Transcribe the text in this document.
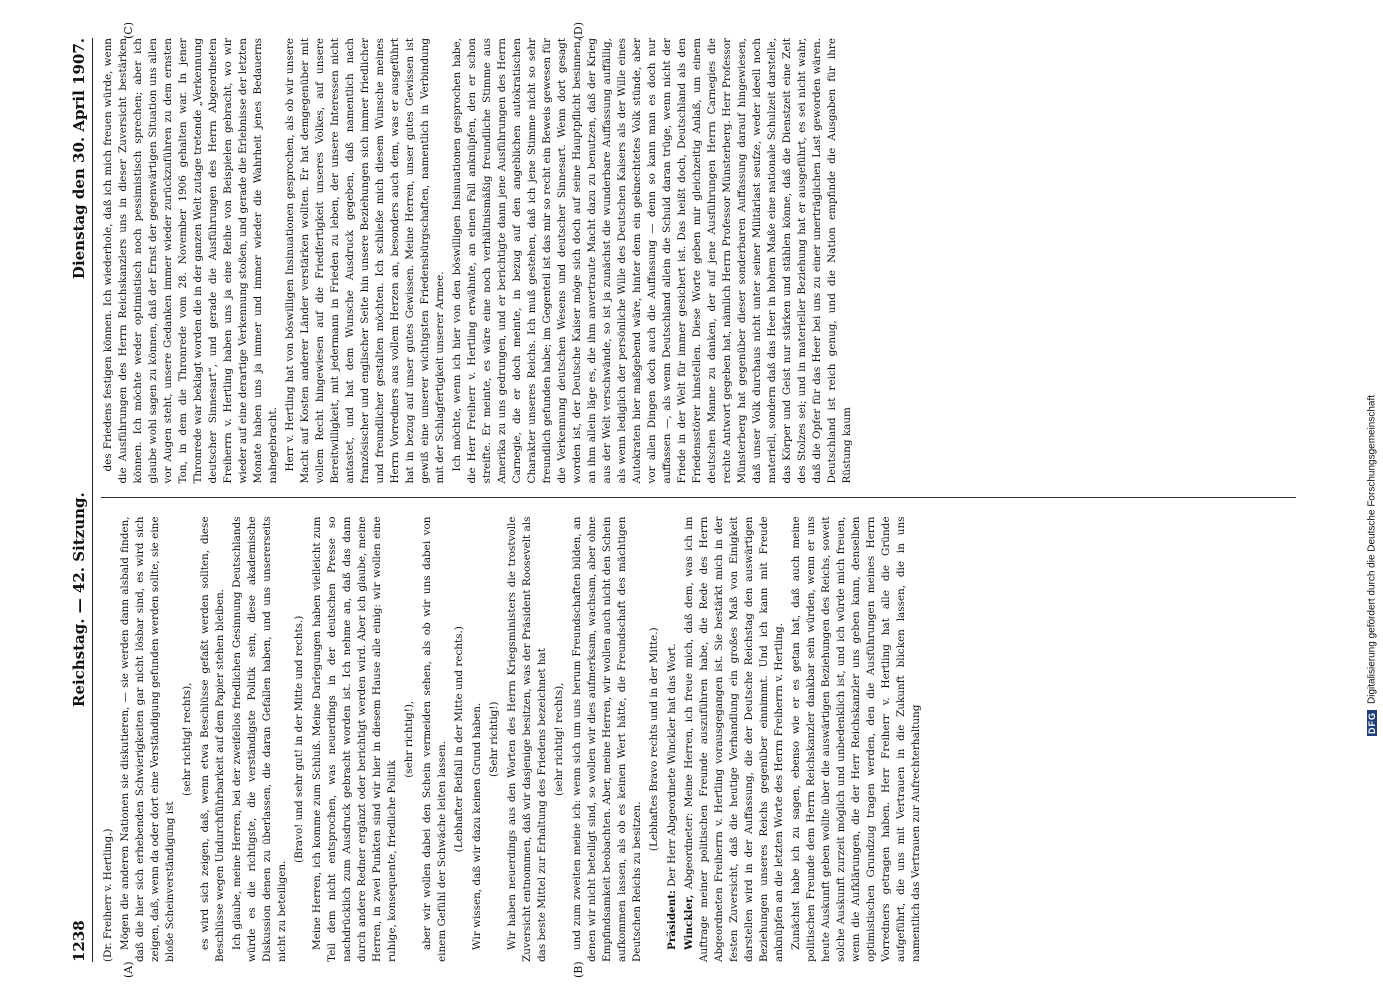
1238
Reichstag. — 42. Sitzung.
Dienstag den 30. April 1907.
(A)	(B)

(Dr. Freiherr v. Hertling.) Mögen die anderen Nationen sie diskutieren, — sie werden dann alsbald finden, daß die hier sich erhebenden Schwierigkeiten gar nicht lösbar sind, es wird sich zeigen, daß, wenn da oder dort eine Verständigung gefunden werden sollte, sie eine bloße Scheinverständigung ist

(sehr richtig! rechts), es wird sich zeigen, daß, wenn etwa Beschlüsse gefaßt werden sollten, diese Beschlüsse wegen Undurchführbarkeit auf dem Papier stehen bleiben. Ich glaube, meine Herren, bei der zweifellos friedlichen Gesinnung Deutschlands würde es die richtigste, die verständigste Politik sein, diese akademische Diskussion denen zu überlassen, die daran Gefallen haben, und uns unsererseits nicht zu beteiligen.

(Bravo! und sehr gut! in der Mitte und rechts.) Meine Herren, ich komme zum Schluß. Meine Darlegungen haben vielleicht zum Teil dem nicht entsprochen, was neuerdings in der deutschen Presse so nachdrücklich zum Ausdruck gebracht worden ist. Ich nehme an, daß das dann durch andere Redner ergänzt oder berichtigt werden wird. Aber ich glaube, meine Herren, in zwei Punkten sind wir hier in diesem Hause alle einig: wir wollen eine ruhige, konsequente, friedliche Politik

(sehr richtig!), aber wir wollen dabei den Schein vermeiden sehen, als ob wir uns dabei von einem Gefühl der Schwäche leiten lassen. (Lebhafter Beifall in der Mitte und rechts.) Wir wissen, daß wir dazu keinen Grund haben. (Sehr richtig!) Wir haben neuerdings aus den Worten des Herrn Kriegsministers die trostvolle Zuversicht entnommen, daß wir dasjenige besitzen, was der Präsident Roosevelt als das beste Mittel zur Erhaltung des Friedens bezeichnet hat (sehr richtig! rechts), und zum zweiten meine ich: wenn sich um uns herum Freundschaften bilden, an denen wir nicht beteiligt sind, so wollen wir dies aufmerksam, wachsam, aber ohne Empfindsamkeit beobachten. Aber, meine Herren, wir wollen auch nicht den Schein aufkommen lassen, als ob es keinen Wert hätte, die Freundschaft des mächtigen Deutschen Reichs zu besitzen.

(Lebhaftes Bravo rechts und in der Mitte.)

Präsident: Der Herr Abgeordnete Winckler hat das Wort.

Winckler, Abgeordneter: Meine Herren, ich freue mich, daß dem, was ich im Auftrage meiner politischen Freunde auszuführen habe, die Rede des Herrn Abgeordneten Freiherrn v. Hertling vorausgegangen ist. Sie bestärkt mich in der festen Zuversicht, daß die heutige Verhandlung ein großes Maß von Einigkeit darstellen wird in der Auffassung, die der Deutsche Reichstag den auswärtigen Beziehungen unseres Reichs gegenüber einnimmt. Und ich kann mit Freude anknüpfen an die letzten Worte des Herrn Freiherrn v. Hertling. Zunächst habe ich zu sagen, ebenso wie er es getan hat, daß auch meine politischen Freunde dem Herrn Reichskanzler dankbar sein würden, wenn er uns heute Auskunft geben wollte über die auswärtigen Beziehungen des Reichs, soweit solche Auskunft zurzeit möglich und unbedenklich ist, und ich würde mich freuen, wenn die Aufklärungen, die der Herr Reichskanzler uns geben kann, denselben optimistischen Grundzug tragen werden, den die Ausführungen meines Herrn Vorredners getragen haben. Herr Freiherr v. Hertling hat alle die Gründe aufgeführt, die uns mit Vertrauen in die Zukunft blicken lassen, die in uns namentlich das Vertrauen zur Aufrechterhaltung

(C)	(D)

des Friedens festigen können. Ich wiederhole, daß ich mich freuen würde, wenn die Ausführungen des Herrn Reichskanzlers uns in dieser Zuversicht bestärken können. Ich möchte weder optimistisch noch pessimistisch sprechen; aber ich glaube wohl sagen zu können, daß der Ernst der gegenwärtigen Situation uns allen vor Augen steht, unsere Gedanken immer wieder zurückzuführen zu dem ernsten Ton, in dem die Thronrede vom 28. November 1906 gehalten war. In jener Thronrede war beklagt worden die in der ganzen Welt zutage tretende „Verkennung deutscher Sinnesart“, und gerade die Ausführungen des Herrn Abgeordneten Freiherrn v. Hertling haben uns ja eine Reihe von Beispielen gebracht, wo wir wieder auf eine derartige Verkennung stoßen, und gerade die Erlebnisse der letzten Monate haben uns ja immer und immer wieder die Wahrheit jenes Bedauerns nahegebracht. Herr v. Hertling hat von böswilligen Insinuationen gesprochen, als ob wir unsere Macht auf Kosten anderer Länder verstärken wollten. Er hat demgegenüber mit vollem Recht hingewiesen auf die Friedfertigkeit unseres Volkes, auf unsere Bereitwilligkeit, mit jedermann in Frieden zu leben, der unsere Interessen nicht antastet, und hat dem Wunsche Ausdruck gegeben, daß namentlich nach französischer und englischer Seite hin unsere Beziehungen sich immer friedlicher und freundlicher gestalten möchten. Ich schließe mich diesem Wunsche meines Herrn Vorredners aus vollem Herzen an, besonders auch dem, was er ausgeführt hat in bezug auf unser gutes Gewissen. Meine Herren, unser gutes Gewissen ist gewiß eine unserer wichtigsten Friedensbürgschaften, namentlich in Verbindung mit der Schlagfertigkeit unserer Armee. Ich möchte, wenn ich hier von den böswilligen Insinuationen gesprochen habe, die Herr Freiherr v. Hertling erwähnte, an einen Fall anknüpfen, den er schon streifte. Er meinte, es wäre eine noch verhältnismäßig freundliche Stimme aus Amerika zu uns gedrungen, und er berichtigte dann jene Ausführungen des Herrn Carnegie, die er doch meinte, in bezug auf den angeblichen autokratischen Charakter unseres Reichs. Ich muß gestehen, daß ich jene Stimme nicht so sehr freundlich gefunden habe; im Gegenteil ist das mir so recht ein Beweis gewesen für die Verkennung deutschen Wesens und deutscher Sinnesart. Wenn dort gesagt worden ist, der Deutsche Kaiser möge sich doch auf seine Hauptpflicht besinnen, an ihm allein läge es, die ihm anvertraute Macht dazu zu benutzen, daß der Krieg aus der Welt verschwände, so ist ja zunächst die wunderbare Auffassung auffällig, als wenn lediglich der persönliche Wille des Deutschen Kaisers als der Wille eines Autokraten hier maßgebend wäre, hinter dem ein geknechtetes Volk stünde, aber vor allen Dingen doch auch die Auffassung — denn so kann man es doch nur auffassen —, als wenn Deutschland allein die Schuld daran trüge, wenn nicht der Friede in der Welt für immer gesichert ist. Das heißt doch, Deutschland als den Friedensstörer hinstellen. Diese Worte geben mir gleichzeitig Anlaß, um einem deutschen Manne zu danken, der auf jene Ausführungen Herrn Carnegies die rechte Antwort gegeben hat, nämlich Herrn Professor Münsterberg. Herr Professor Münsterberg hat gegenüber dieser sonderbaren Auffassung darauf hingewiesen, daß unser Volk durchaus nicht unter seiner Militärlast seufze, weder ideell noch materiell, sondern daß das Heer in hohem Maße eine nationale Schulzeit darstelle, das Körper und Geist nur stärken und stählen könne, daß die Dienstzeit eine Zeit des Stolzes sei; und in materieller Beziehung hat er ausgeführt, es sei nicht wahr, daß die Opfer für das Heer bei uns zu einer unerträglichen Last geworden wären. Deutschland ist reich genug, und die Nation empfinde die Ausgaben für ihre Rüstung kaum

DFG
Digitalisierung gefördert durch die Deutsche Forschungsgemeinschaft
